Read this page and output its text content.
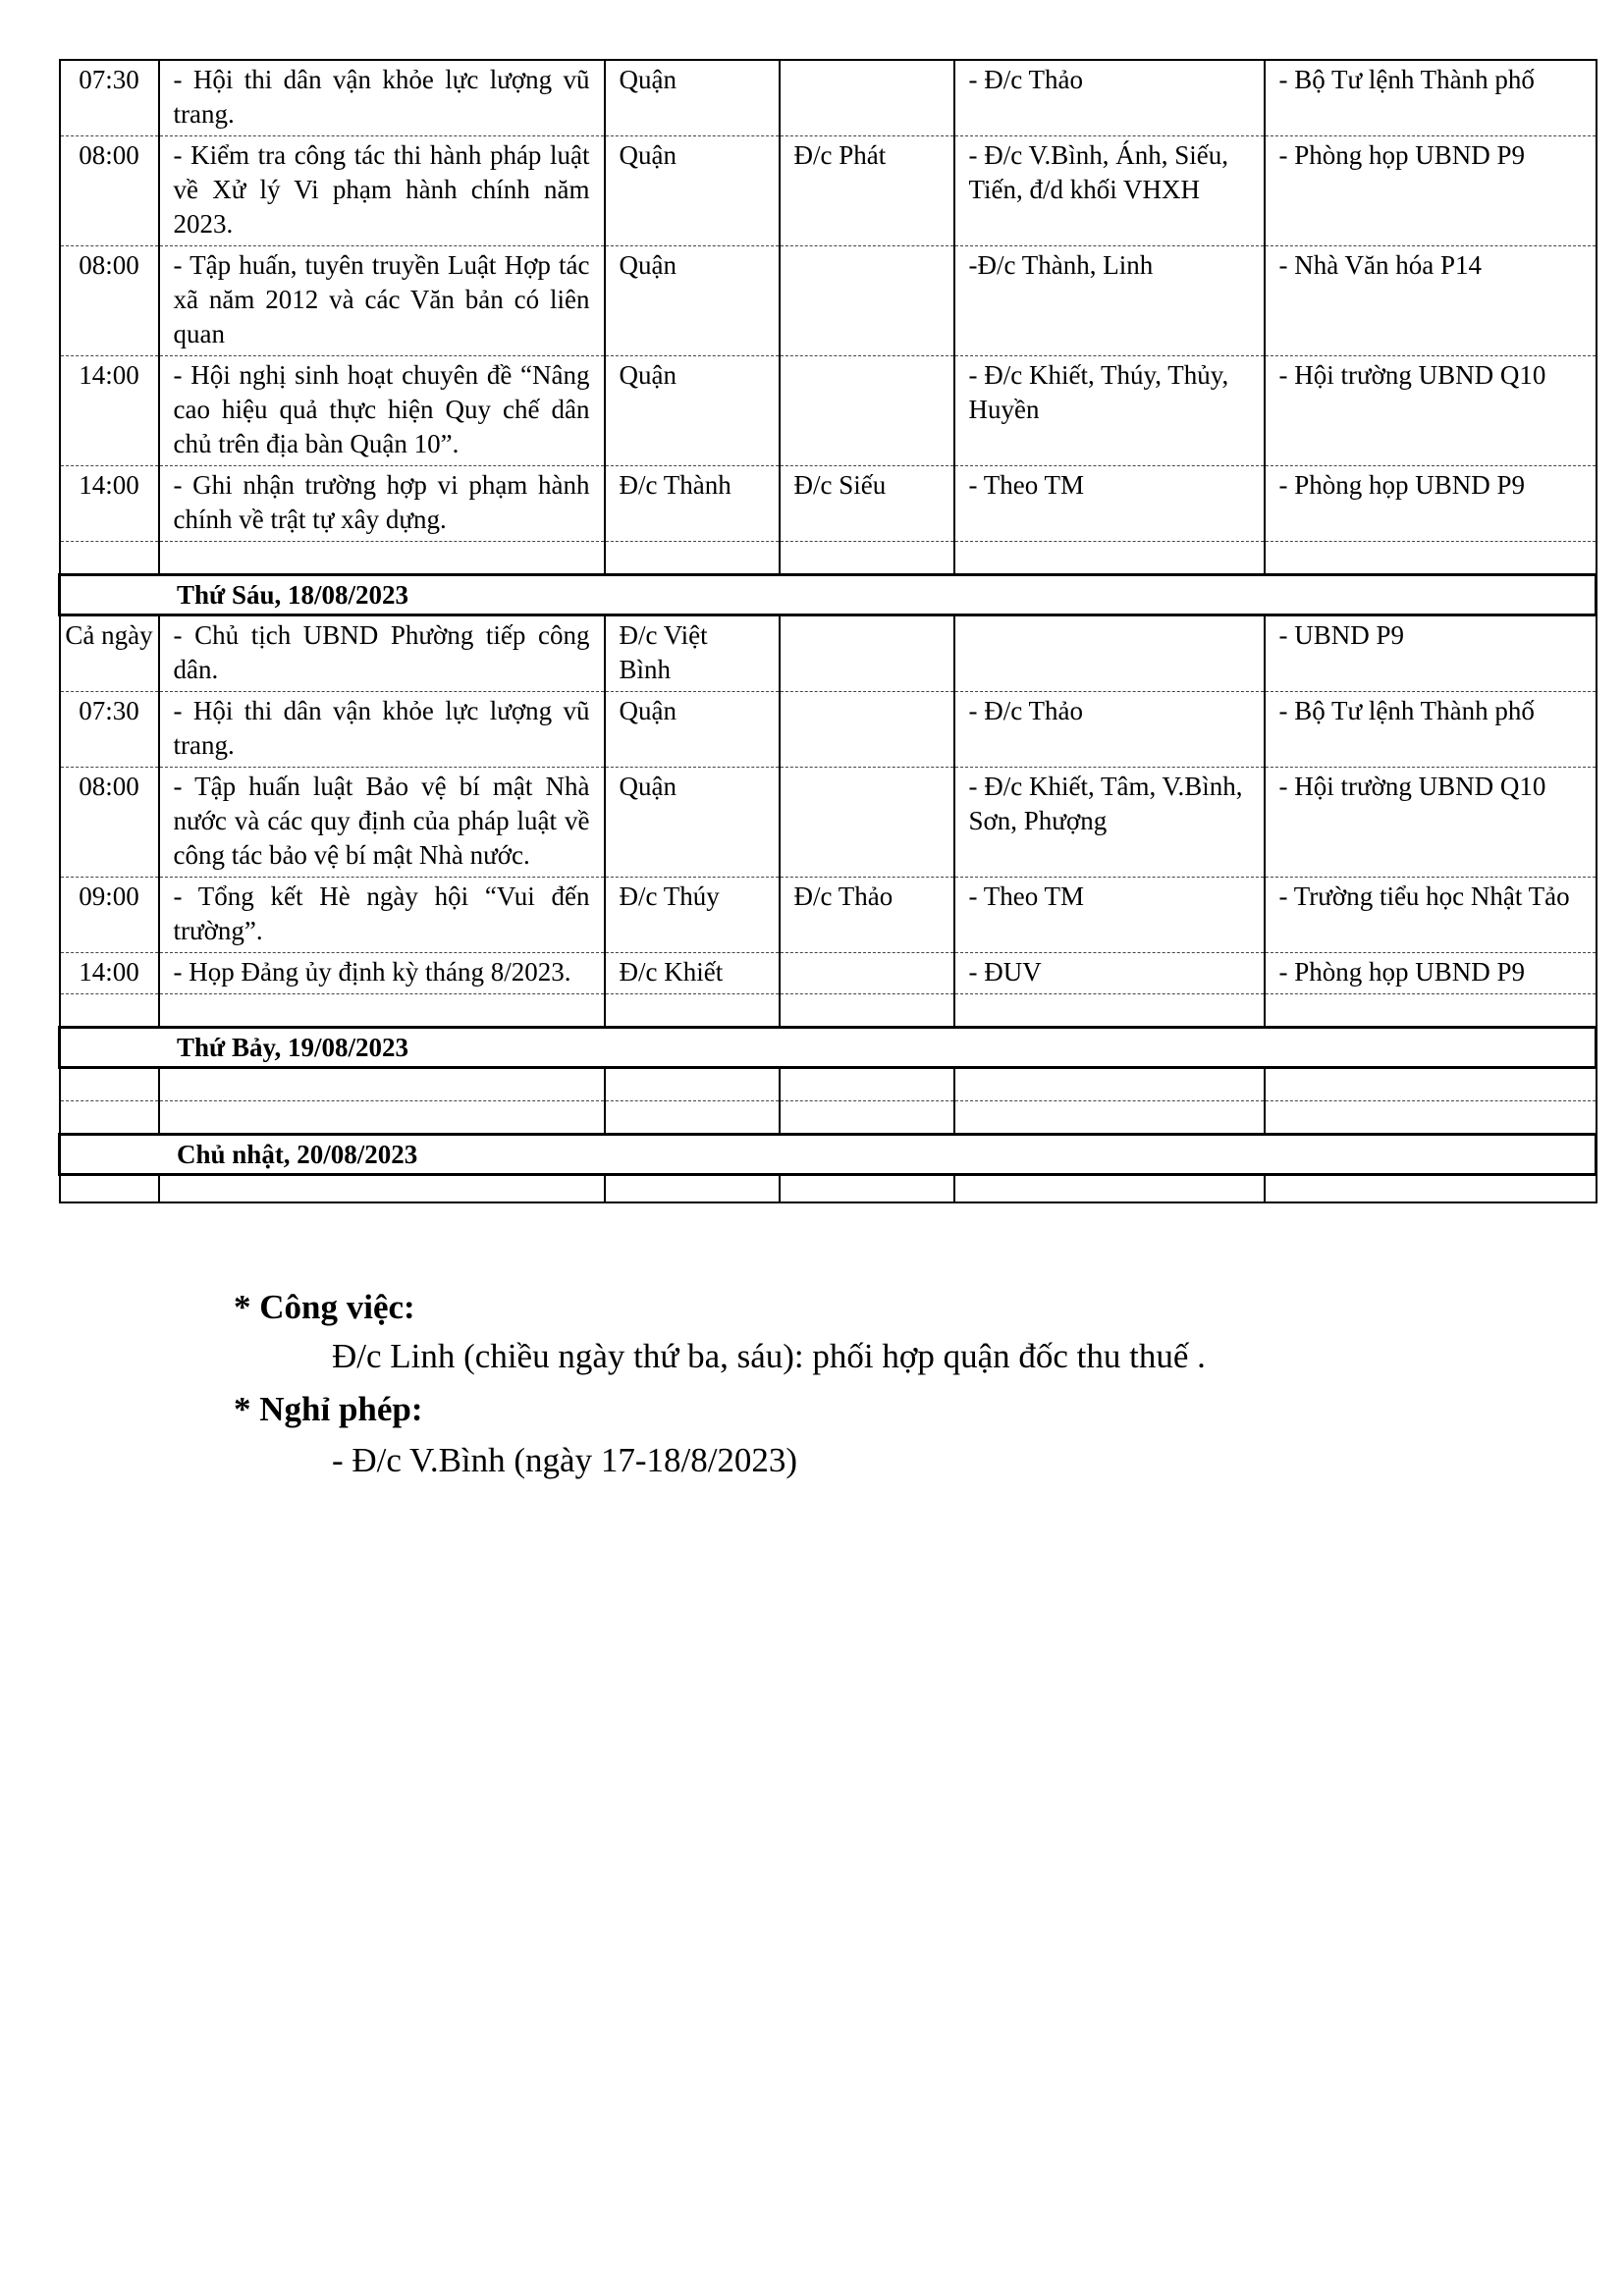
07:30	- Hội thi dân vận khỏe lực lượng vũ trang.	Quận		- Đ/c Thảo	- Bộ Tư lệnh Thành phố
08:00	- Kiểm tra công tác thi hành pháp luật về Xử lý Vi phạm hành chính năm 2023.	Quận	Đ/c Phát	- Đ/c V.Bình, Ánh, Siếu, Tiến, đ/d khối VHXH	- Phòng họp UBND P9
08:00	- Tập huấn, tuyên truyền Luật Hợp tác xã năm 2012 và các Văn bản có liên quan	Quận		-Đ/c Thành, Linh	- Nhà Văn hóa P14
14:00	- Hội nghị sinh hoạt chuyên đề “Nâng cao hiệu quả thực hiện Quy chế dân chủ trên địa bàn Quận 10”.	Quận		- Đ/c Khiết, Thúy, Thủy, Huyền	- Hội trường UBND Q10
14:00	- Ghi nhận trường hợp vi phạm hành chính về trật tự xây dựng.	Đ/c Thành	Đ/c Siếu	- Theo TM	- Phòng họp UBND P9

Thứ Sáu, 18/08/2023					
Cả ngày	- Chủ tịch UBND Phường tiếp công dân.	Đ/c Việt Bình			- UBND P9
07:30	- Hội thi dân vận khỏe lực lượng vũ trang.	Quận		- Đ/c Thảo	- Bộ Tư lệnh Thành phố
08:00	- Tập huấn luật Bảo vệ bí mật Nhà nước và các quy định của pháp luật về công tác bảo vệ bí mật Nhà nước.	Quận		- Đ/c Khiết, Tâm, V.Bình, Sơn, Phượng	- Hội trường UBND Q10
09:00	- Tổng kết Hè ngày hội “Vui đến trường”.	Đ/c Thúy	Đ/c Thảo	- Theo TM	- Trường tiểu học Nhật Tảo
14:00	- Họp Đảng ủy định kỳ tháng 8/2023.	Đ/c Khiết		- ĐUV	- Phòng họp UBND P9

Thứ Bảy, 19/08/2023					

Chủ nhật, 20/08/2023					

* Công việc:
Đ/c Linh (chiều ngày thứ ba, sáu): phối hợp quận đốc thu thuế .
* Nghỉ phép:
- Đ/c V.Bình (ngày 17-18/8/2023)
